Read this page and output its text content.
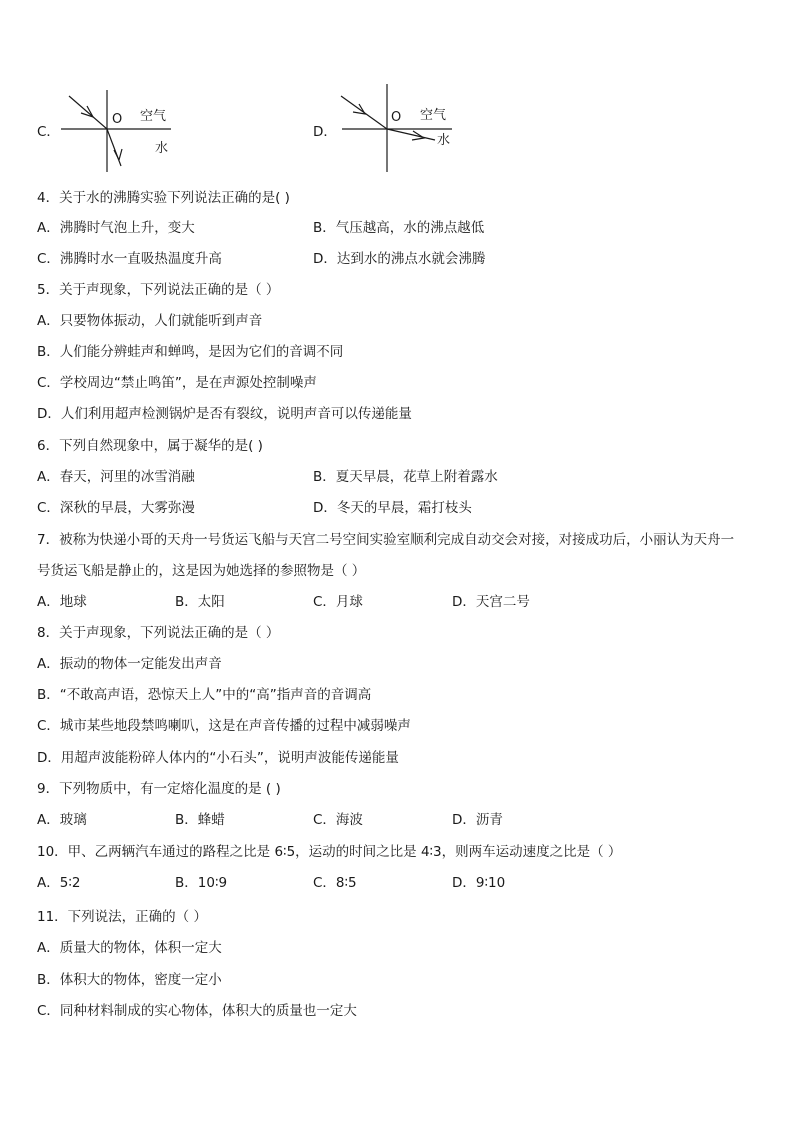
C．
O 空气
水
D．
O 空气
水
4．关于水的沸腾实验下列说法正确的是( )
A．沸腾时气泡上升，变大	B．气压越高，水的沸点越低
C．沸腾时水一直吸热温度升高	D．达到水的沸点水就会沸腾
5．关于声现象，下列说法正确的是（ ）
A．只要物体振动，人们就能听到声音
B．人们能分辨蛙声和蝉鸣，是因为它们的音调不同
C．学校周边“禁止鸣笛”，是在声源处控制噪声
D．人们利用超声检测锅炉是否有裂纹，说明声音可以传递能量
6．下列自然现象中，属于凝华的是( )
A．春天，河里的冰雪消融	B．夏天早晨，花草上附着露水
C．深秋的早晨，大雾弥漫	D．冬天的早晨，霜打枝头
7．被称为快递小哥的天舟一号货运飞船与天宫二号空间实验室顺利完成自动交会对接，对接成功后，小丽认为天舟一
号货运飞船是静止的，这是因为她选择的参照物是（ ）
A．地球	B．太阳	C．月球	D．天宫二号
8．关于声现象，下列说法正确的是（ ）
A．振动的物体一定能发出声音
B．“不敢高声语，恐惊天上人”中的“高”指声音的音调高
C．城市某些地段禁鸣喇叭，这是在声音传播的过程中减弱噪声
D．用超声波能粉碎人体内的“小石头”，说明声波能传递能量
9．下列物质中，有一定熔化温度的是 ( )
A．玻璃	B．蜂蜡	C．海波	D．沥青
10．甲、乙两辆汽车通过的路程之比是 6∶5，运动的时间之比是 4∶3，则两车运动速度之比是（ ）
A．5∶2	B．10∶9	C．8∶5	D．9∶10
11．下列说法，正确的（ ）
A．质量大的物体，体积一定大
B．体积大的物体，密度一定小
C．同种材料制成的实心物体，体积大的质量也一定大
